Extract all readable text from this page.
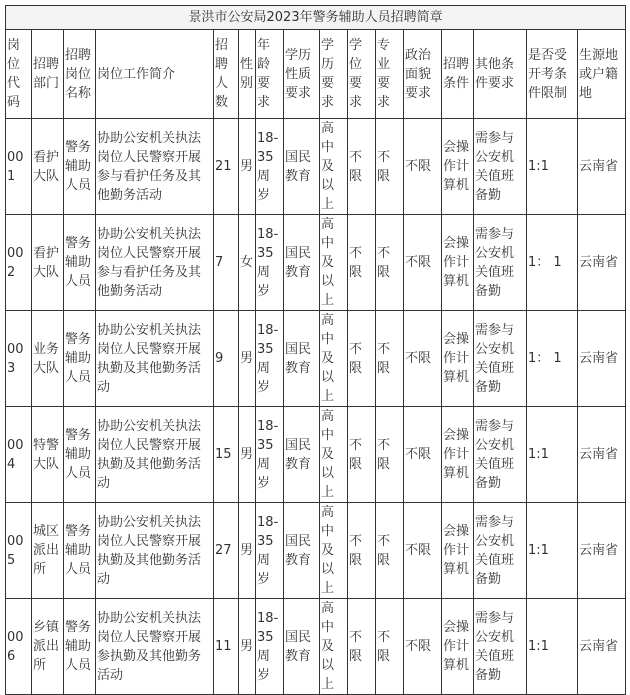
景洪市公安局2023年警务辅助人员招聘简章															
岗位代码	招聘部门	招聘岗位名称	岗位工作简介	招聘人数	性别	年龄要求	学历性质要求	学历要求	学位要求	专业要求	政治面貌要求	招聘条件	其他条件要求	是否受开考条件限制	生源地 或户籍地
001	看护大队	警务辅助人员	协助公安机关执法岗位人民警察开展参与看护任务及其他勤务活动	21	男	18-35周岁	国民教育	高中及以上	不限	不限	不限	会操作计算机	需参与公安机关值班备勤	1:1	云南省
002	看护大队	警务辅助人员	协助公安机关执法岗位人民警察开展参与看护任务及其他勤务活动	7	女	18-35周岁	国民教育	高中及以上	不限	不限	不限	会操作计算机	需参与公安机关值班备勤	1： 1	云南省
003	业务大队	警务辅助人员	协助公安机关执法岗位人民警察开展执勤及其他勤务活动	9	男	18-35周岁	国民教育	高中及以上	不限	不限	不限	会操作计算机	需参与公安机关值班备勤	1： 1	云南省
004	特警大队	警务辅助人员	协助公安机关执法岗位人民警察开展执勤及其他勤务活动	15	男	18-35周岁	国民教育	高中及以上	不限	不限	不限	会操作计算机	需参与公安机关值班备勤	1:1	云南省
005	城区派出所	警务辅助人员	协助公安机关执法岗位人民警察开展执勤及其他勤务活动	27	男	18-35周岁	国民教育	高中及以上	不限	不限	不限	会操作计算机	需参与公安机关值班备勤	1:1	云南省
006	乡镇派出所	警务辅助人员	协助公安机关执法岗位人民警察开展参执勤及其他勤务活动	11	男	18-35周岁	国民教育	高中及以上	不限	不限	不限	会操作计算机	需参与公安机关值班备勤	1:1	云南省
